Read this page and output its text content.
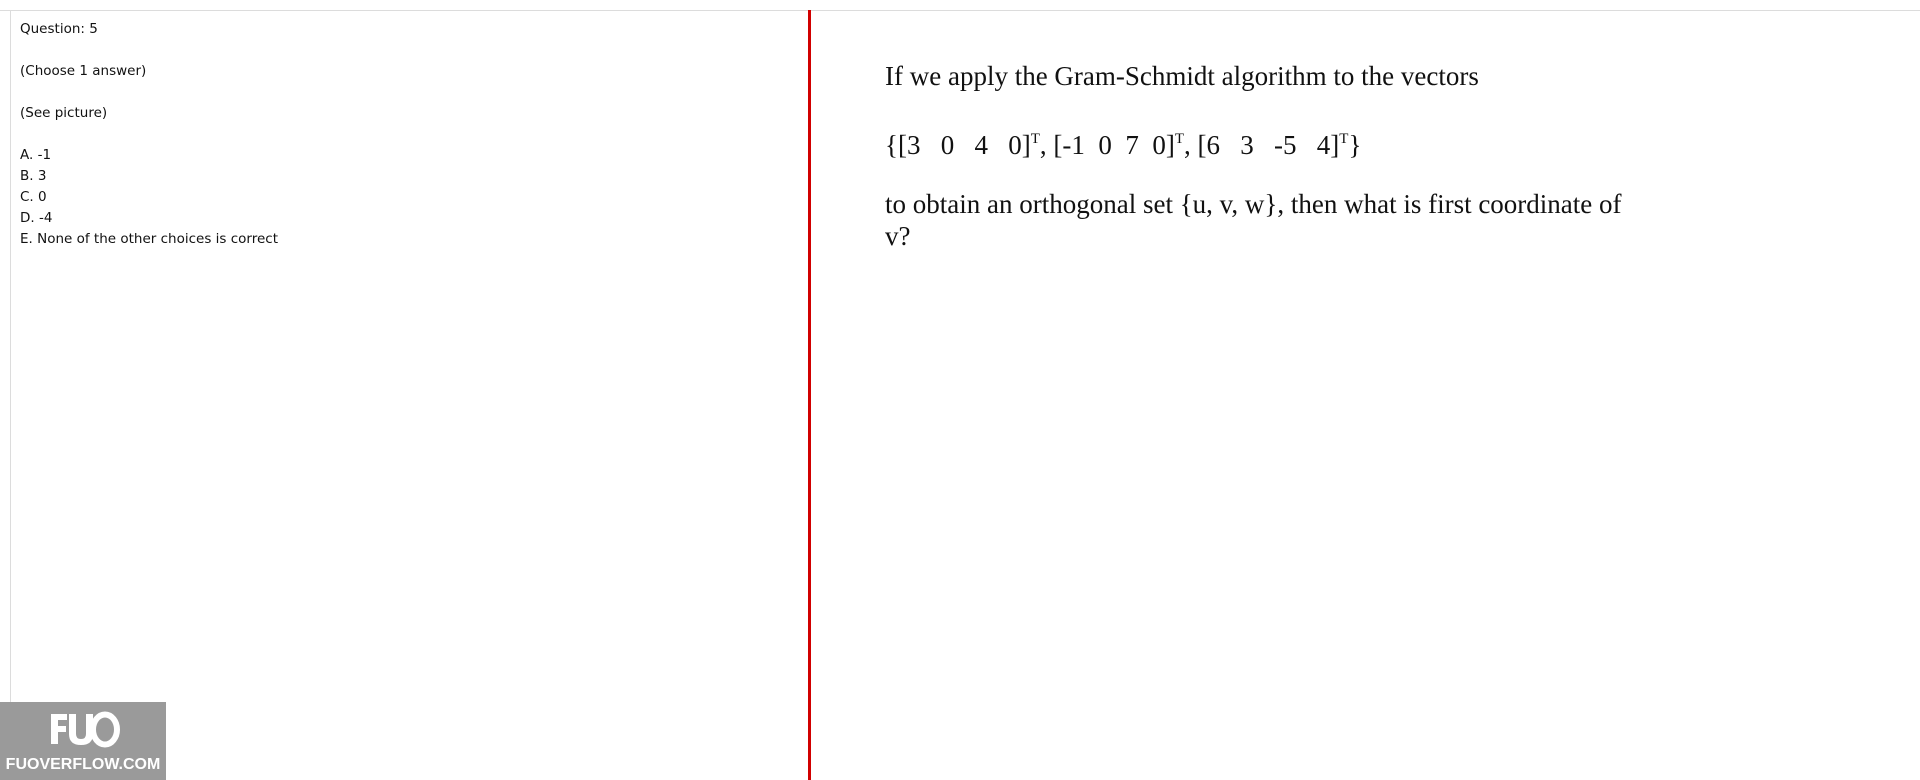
Question: 5
(Choose 1 answer)
(See picture)
A. -1
B. 3
C. 0
D. -4
E. None of the other choices is correct
If we apply the Gram-Schmidt algorithm to the vectors
{[3   0   4   0]$^T$, [-1  0  7  0]$^T$, [6   3   -5   4]$^T$}
to obtain an orthogonal set {u, v, w}, then what is first coordinate of v?
FUOVERFLOW.COM
